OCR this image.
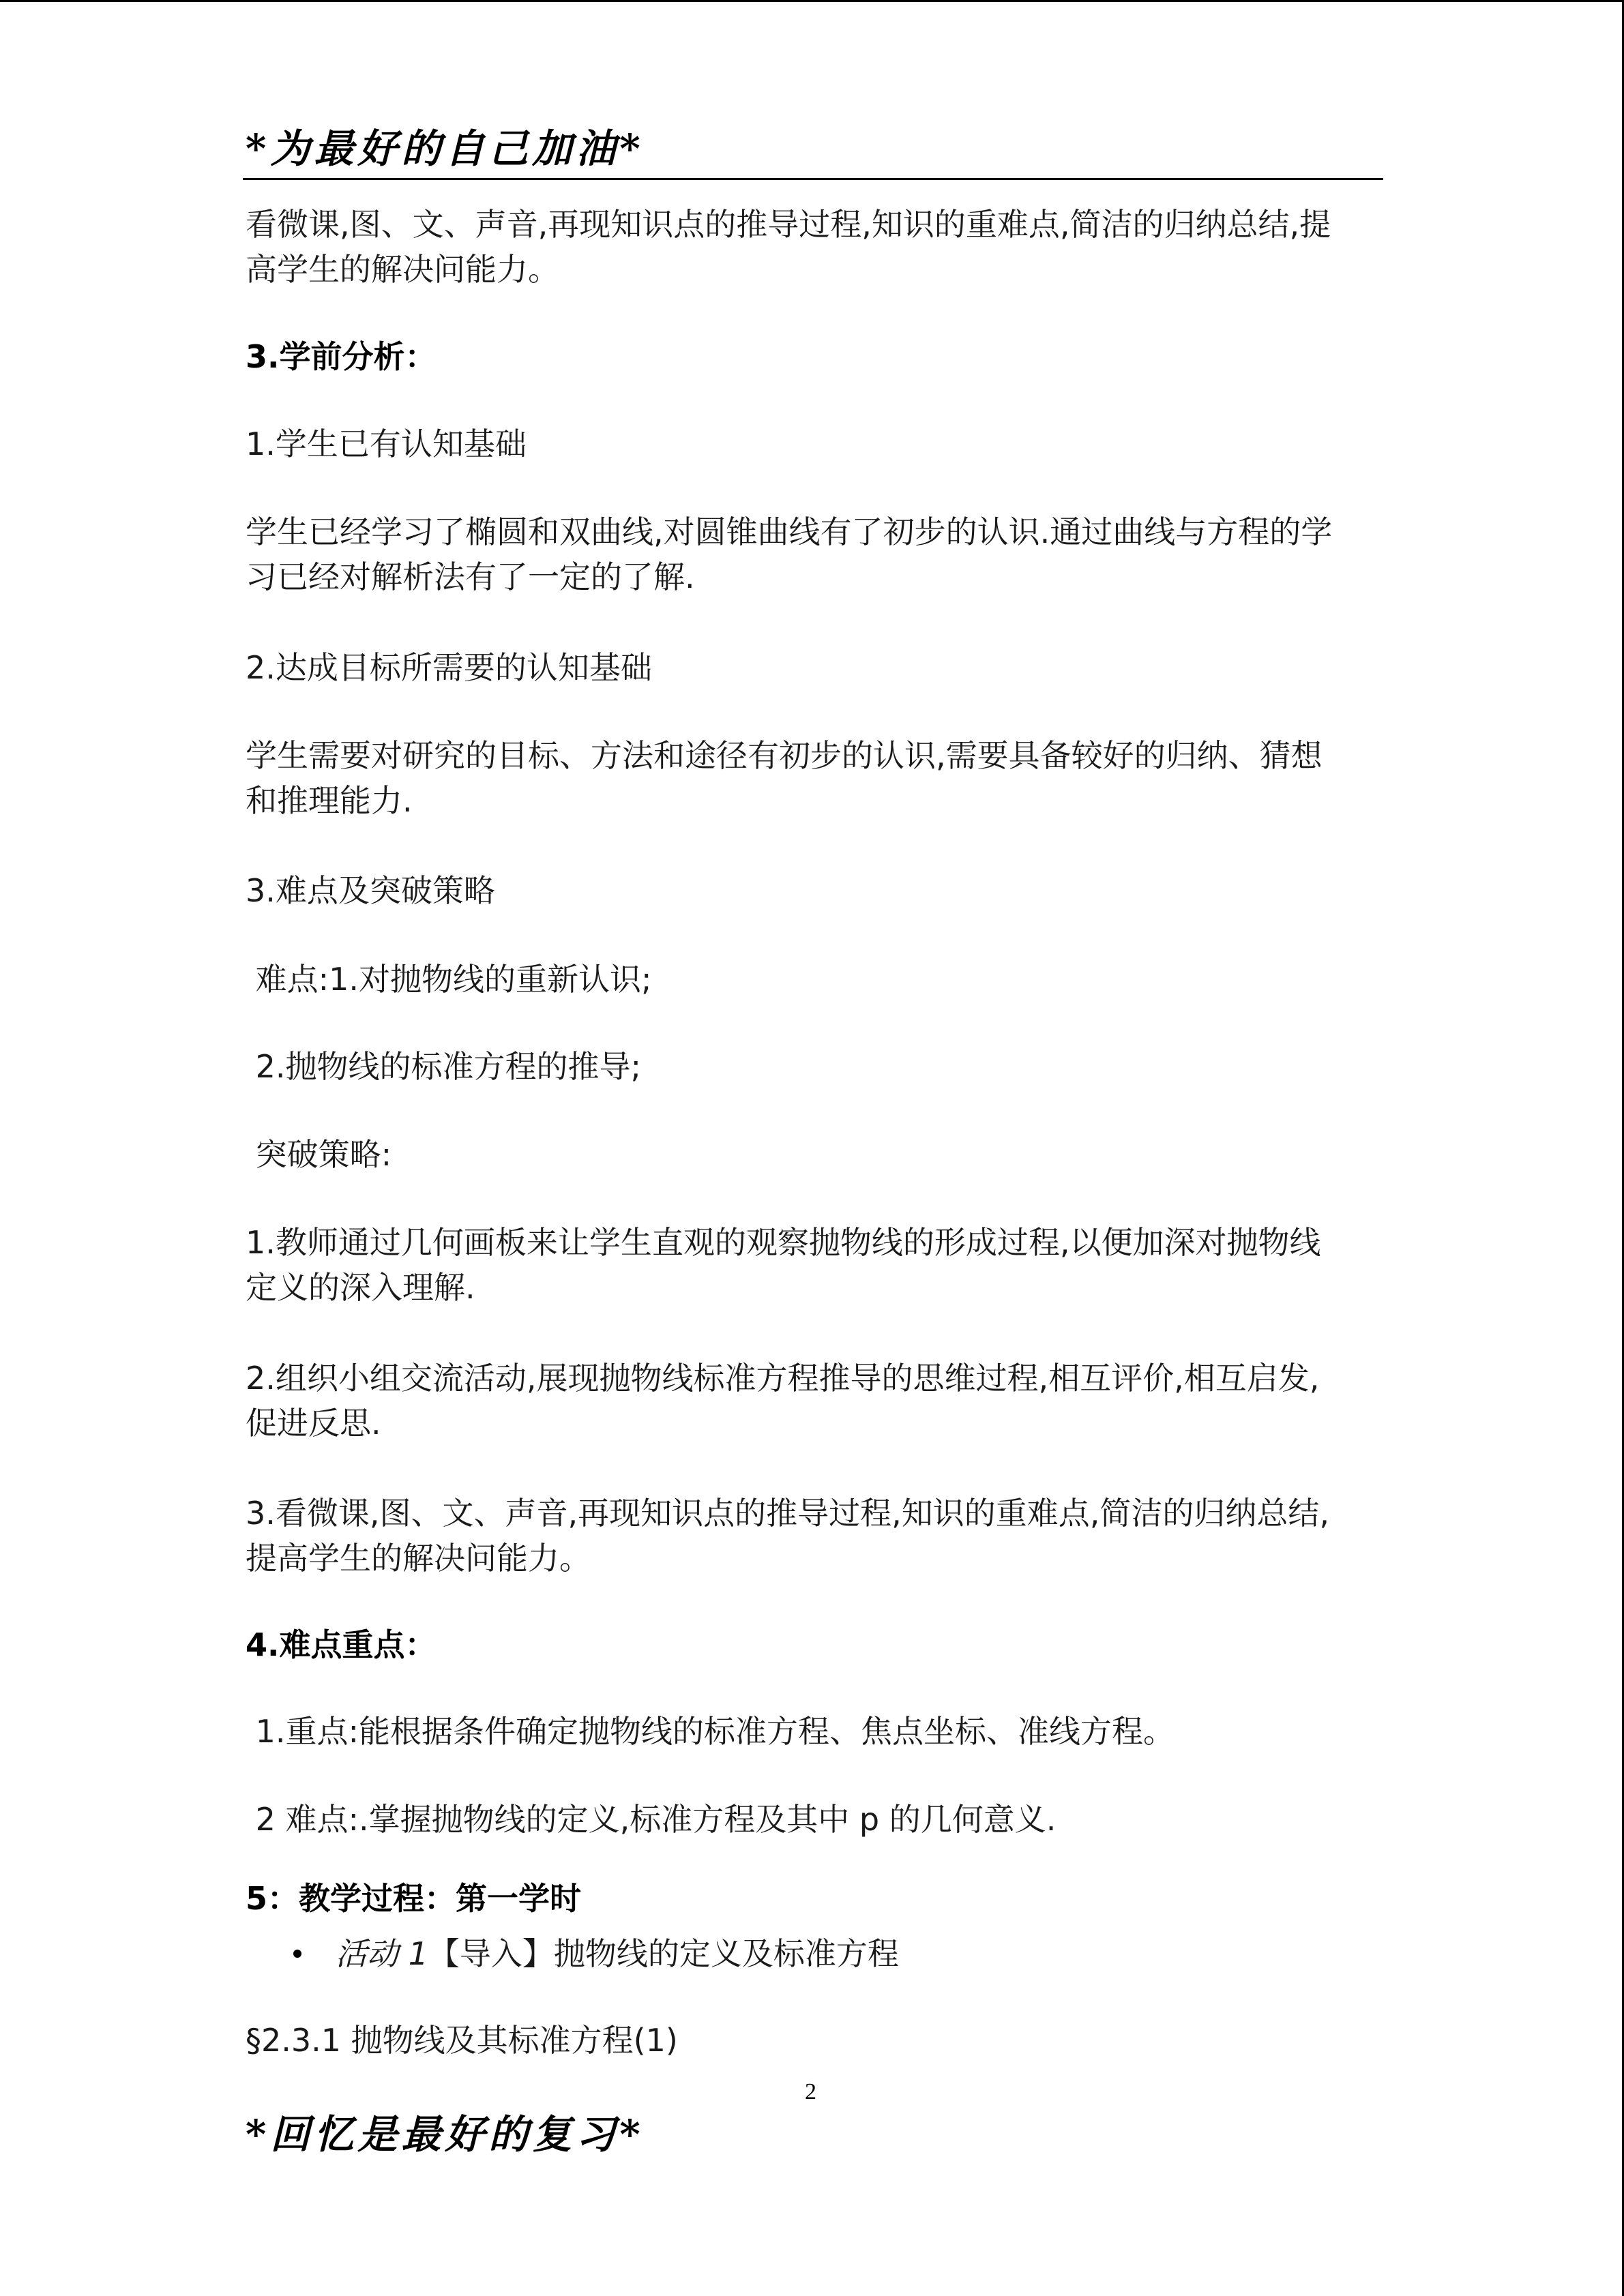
*为最好的自己加油*
看微课,图、文、声音,再现知识点的推导过程,知识的重难点,简洁的归纳总结,提
高学生的解决问能力。
3.学前分析：
1.学生已有认知基础
学生已经学习了椭圆和双曲线,对圆锥曲线有了初步的认识.通过曲线与方程的学
习已经对解析法有了一定的了解.
2.达成目标所需要的认知基础
学生需要对研究的目标、方法和途径有初步的认识,需要具备较好的归纳、猜想
和推理能力.
3.难点及突破策略
难点:1.对抛物线的重新认识;
2.抛物线的标准方程的推导;
突破策略:
1.教师通过几何画板来让学生直观的观察抛物线的形成过程,以便加深对抛物线
定义的深入理解.
2.组织小组交流活动,展现抛物线标准方程推导的思维过程,相互评价,相互启发,
促进反思.
3.看微课,图、文、声音,再现知识点的推导过程,知识的重难点,简洁的归纳总结,
提高学生的解决问能力。
4.难点重点：
1.重点:能根据条件确定抛物线的标准方程、焦点坐标、准线方程。
2 难点:.掌握抛物线的定义,标准方程及其中 p 的几何意义.
5：教学过程：第一学时
活动 1【导入】抛物线的定义及标准方程
§2.3.1 抛物线及其标准方程(1)
2
*回忆是最好的复习*
